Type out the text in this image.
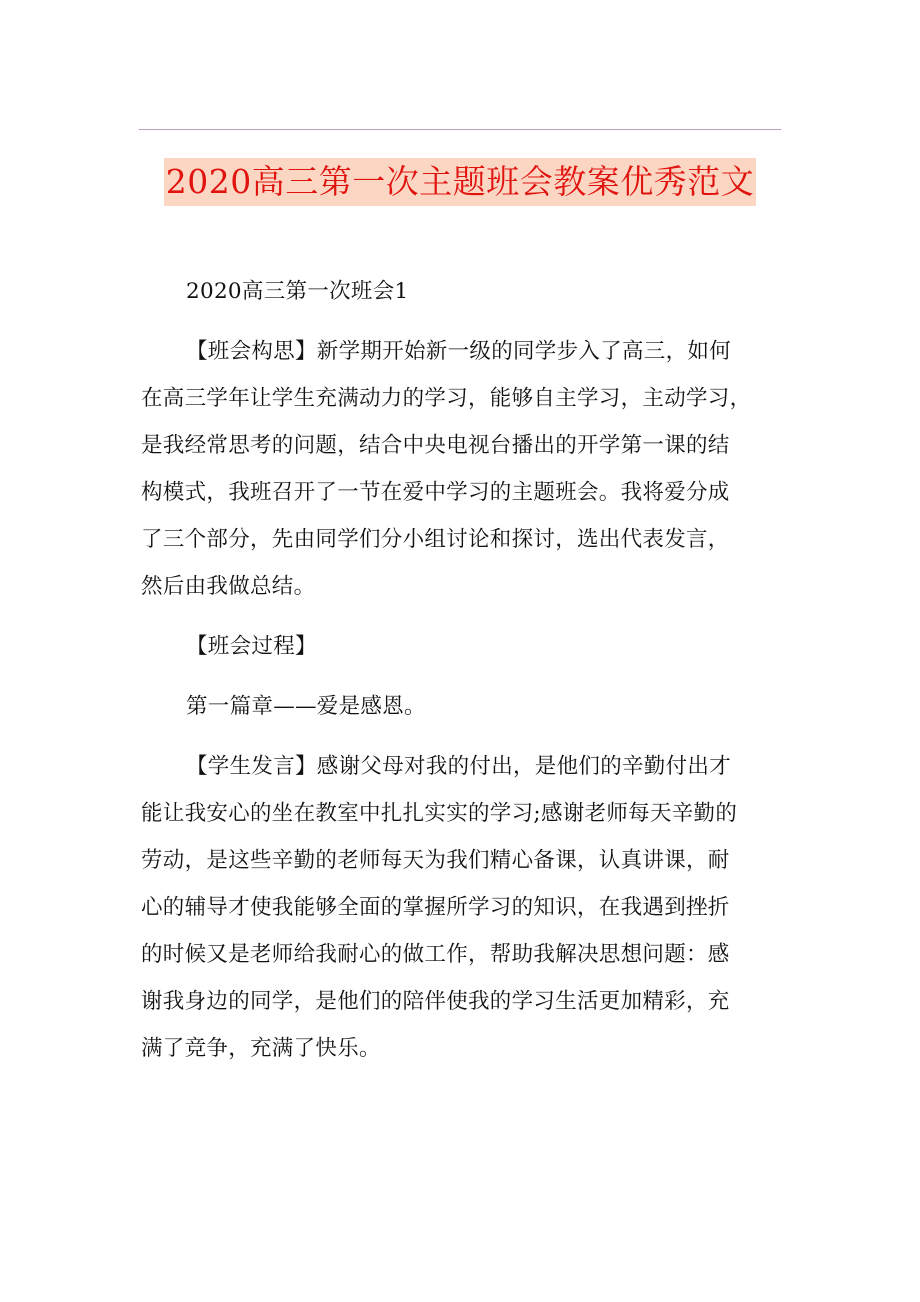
2020高三第一次主题班会教案优秀范文

2020高三第一次班会1

【班会构思】新学期开始新一级的同学步入了高三，如何
在高三学年让学生充满动力的学习，能够自主学习，主动学习，
是我经常思考的问题，结合中央电视台播出的开学第一课的结
构模式，我班召开了一节在爱中学习的主题班会。我将爱分成
了三个部分，先由同学们分小组讨论和探讨，选出代表发言，
然后由我做总结。

【班会过程】

第一篇章——爱是感恩。

【学生发言】感谢父母对我的付出，是他们的辛勤付出才
能让我安心的坐在教室中扎扎实实的学习;感谢老师每天辛勤的
劳动，是这些辛勤的老师每天为我们精心备课，认真讲课，耐
心的辅导才使我能够全面的掌握所学习的知识，在我遇到挫折
的时候又是老师给我耐心的做工作，帮助我解决思想问题：感
谢我身边的同学，是他们的陪伴使我的学习生活更加精彩，充
满了竞争，充满了快乐。
